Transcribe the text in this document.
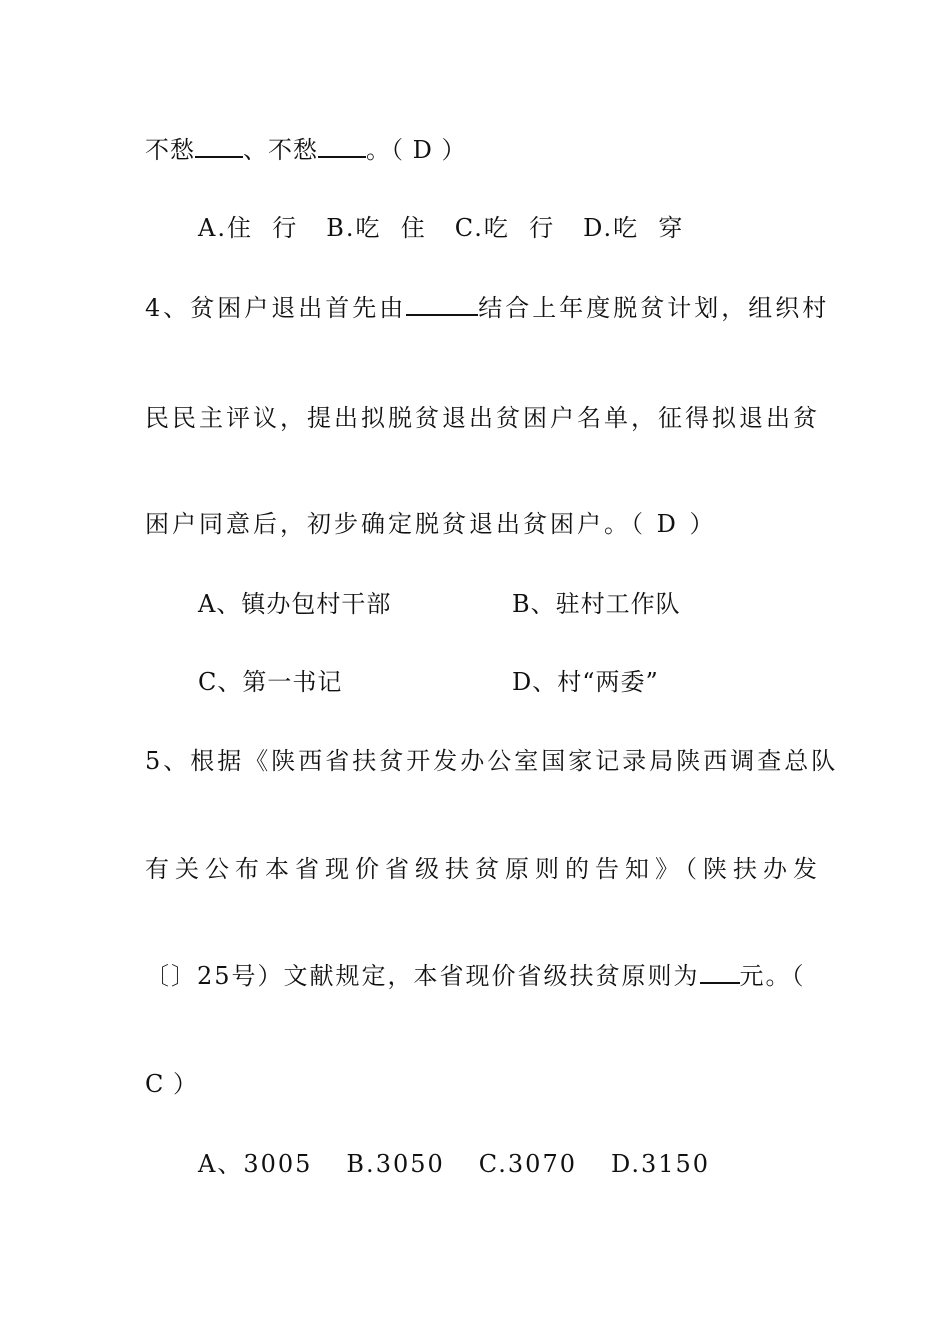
不愁 、不愁 。（ D ）
A.住  行 B.吃  住 C.吃  行 D.吃  穿
4、贫困户退出首先由	结合上年度脱贫计划，组织村
民民主评议，提出拟脱贫退出贫困户名单，征得拟退出贫
困户同意后，初步确定脱贫退出贫困户。（ D ）
A、镇办包村干部	B、驻村工作队
C、第一书记	D、村“两委”
5、根据《陕西省扶贫开发办公室国家记录局陕西调查总队
有关公布本省现价省级扶贫原则的告知》（陕扶办发
〔〕25号）文献规定，本省现价省级扶贫原则为 元。（
C ）
A、3005 B.3050 C.3070 D.3150
